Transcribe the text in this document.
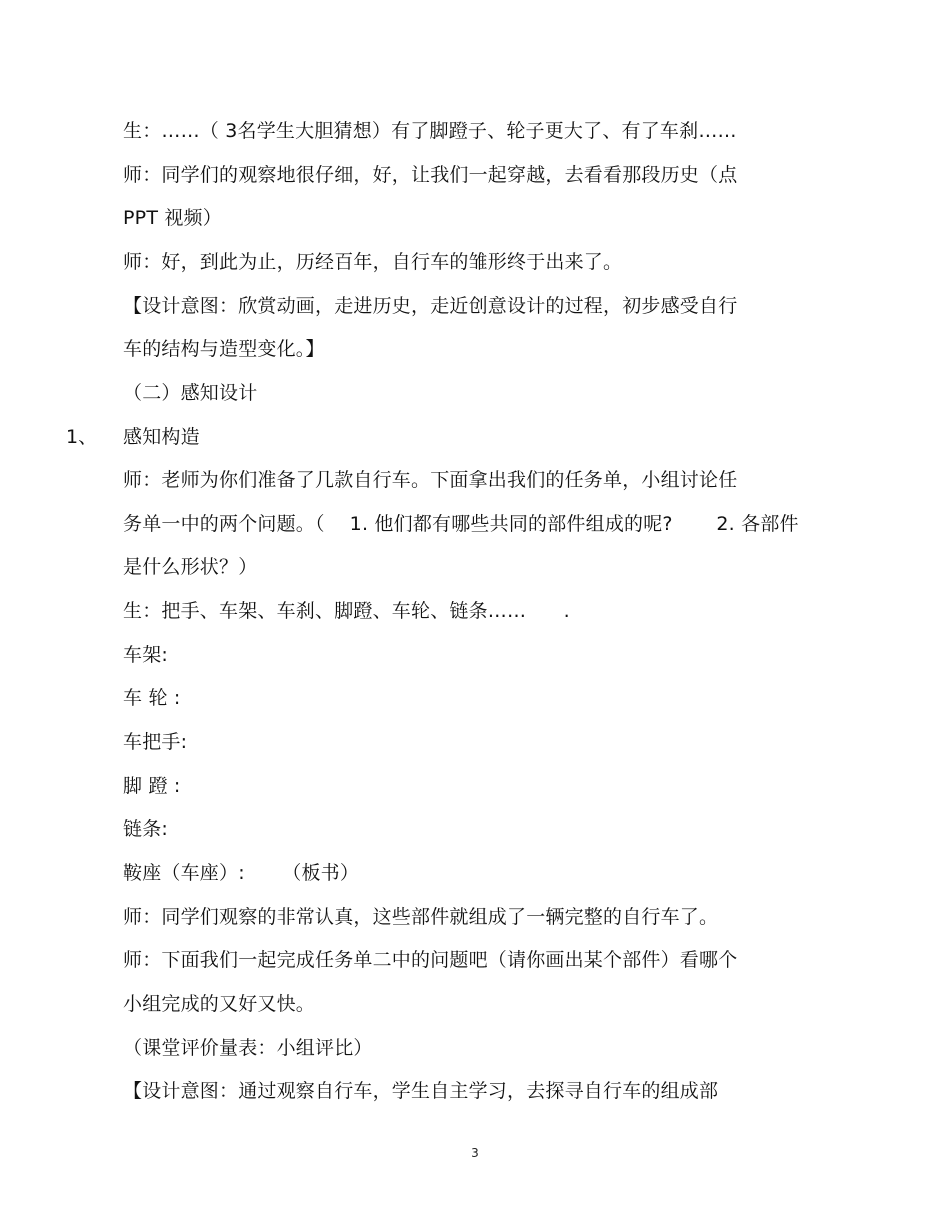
生：……（ 3名学生大胆猜想）有了脚蹬子、轮子更大了、有了车刹……
师：同学们的观察地很仔细，好，让我们一起穿越，去看看那段历史（点
PPT 视频）
师：好，到此为止，历经百年，自行车的雏形终于出来了。
【设计意图：欣赏动画，走进历史，走近创意设计的过程，初步感受自行
车的结构与造型变化。】
（二）感知设计
1、 感知构造
师：老师为你们准备了几款自行车。下面拿出我们的任务单，小组讨论任
务单一中的两个问题。（    1. 他们都有哪些共同的部件组成的呢?       2. 各部件
是什么形状？）
生：把手、车架、车刹、脚蹬、车轮、链条……      .
车架:
车 轮 :
车把手:
脚 蹬 :
链条:
鞍座（车座）:      （板书）
师：同学们观察的非常认真，这些部件就组成了一辆完整的自行车了。
师：下面我们一起完成任务单二中的问题吧（请你画出某个部件）看哪个
小组完成的又好又快。
（课堂评价量表：小组评比）
【设计意图：通过观察自行车，学生自主学习，去探寻自行车的组成部
3
